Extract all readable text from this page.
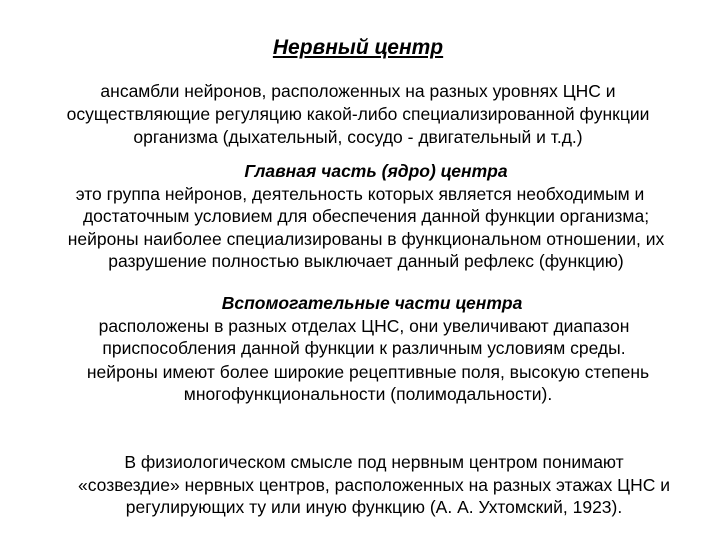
Нервный центр
ансамбли нейронов, расположенных на разных уровнях ЦНС и
осуществляющие регуляцию какой-либо специализированной функции
организма (дыхательный, сосудо - двигательный и т.д.)
Главная часть (ядро) центра
это группа нейронов, деятельность которых является необходимым и
достаточным условием для обеспечения данной функции организма;
нейроны наиболее специализированы в функциональном отношении, их
разрушение полностью выключает данный рефлекс (функцию)
Вспомогательные части центра
расположены в разных отделах ЦНС, они увеличивают диапазон
приспособления данной функции к различным условиям среды.
нейроны имеют более широкие рецептивные поля, высокую степень
многофункциональности (полимодальности).
В физиологическом смысле под нервным центром понимают
«созвездие» нервных центров, расположенных на разных этажах ЦНС и
регулирующих ту или иную функцию (А. А. Ухтомский, 1923).
